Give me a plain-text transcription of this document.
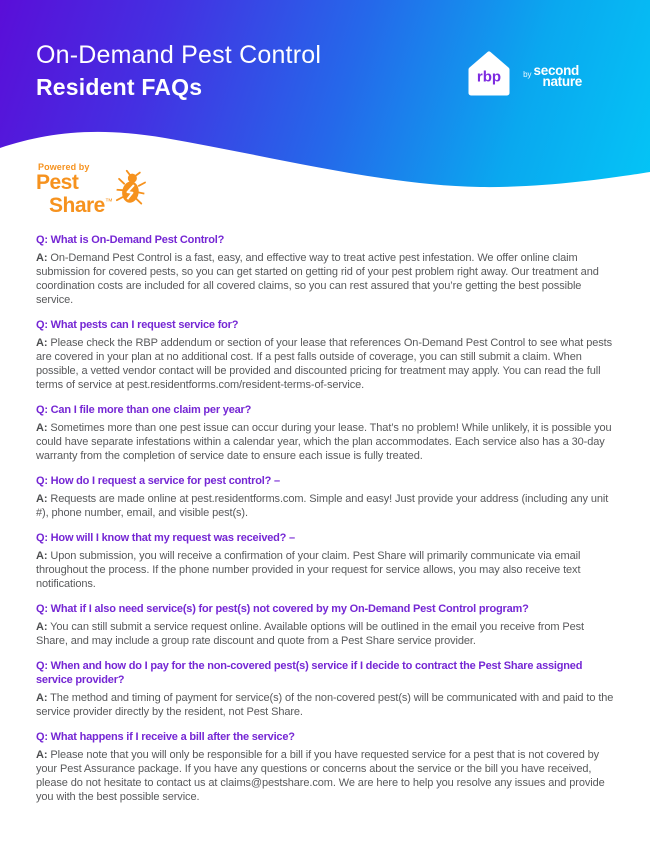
On-Demand Pest Control
Resident FAQs	rbp	by second
nature
Powered by
Pest
Share™
Q: What is On-Demand Pest Control?

A: On-Demand Pest Control is a fast, easy, and effective way to treat active pest infestation. We offer online claim submission for covered pests, so you can get started on getting rid of your pest problem right away. Our treatment and coordination costs are included for all covered claims, so you can rest assured that you’re getting the best possible service.

Q: What pests can I request service for?

A: Please check the RBP addendum or section of your lease that references On-Demand Pest Control to see what pests are covered in your plan at no additional cost. If a pest falls outside of coverage, you can still submit a claim. When possible, a vetted vendor contact will be provided and discounted pricing for treatment may apply. You can read the full terms of service at pest.residentforms.com/resident-terms-of-service.

Q: Can I file more than one claim per year?

A: Sometimes more than one pest issue can occur during your lease. That’s no problem! While unlikely, it is possible you could have separate infestations within a calendar year, which the plan accommodates. Each service also has a 30-day warranty from the completion of service date to ensure each issue is fully treated.

Q: How do I request a service for pest control? –

A: Requests are made online at pest.residentforms.com. Simple and easy! Just provide your address (including any unit #), phone number, email, and visible pest(s).

Q: How will I know that my request was received? –

A: Upon submission, you will receive a confirmation of your claim. Pest Share will primarily communicate via email throughout the process. If the phone number provided in your request for service allows, you may also receive text notifications.

Q: What if I also need service(s) for pest(s) not covered by my On-Demand Pest Control program?

A: You can still submit a service request online. Available options will be outlined in the email you receive from Pest Share, and may include a group rate discount and quote from a Pest Share service provider.

Q: When and how do I pay for the non-covered pest(s) service if I decide to contract the Pest Share assigned service provider?

A: The method and timing of payment for service(s) of the non-covered pest(s) will be communicated with and paid to the service provider directly by the resident, not Pest Share.

Q: What happens if I receive a bill after the service?

A: Please note that you will only be responsible for a bill if you have requested service for a pest that is not covered by your Pest Assurance package. If you have any questions or concerns about the service or the bill you have received, please do not hesitate to contact us at claims@pestshare.com. We are here to help you resolve any issues and provide you with the best possible service.
